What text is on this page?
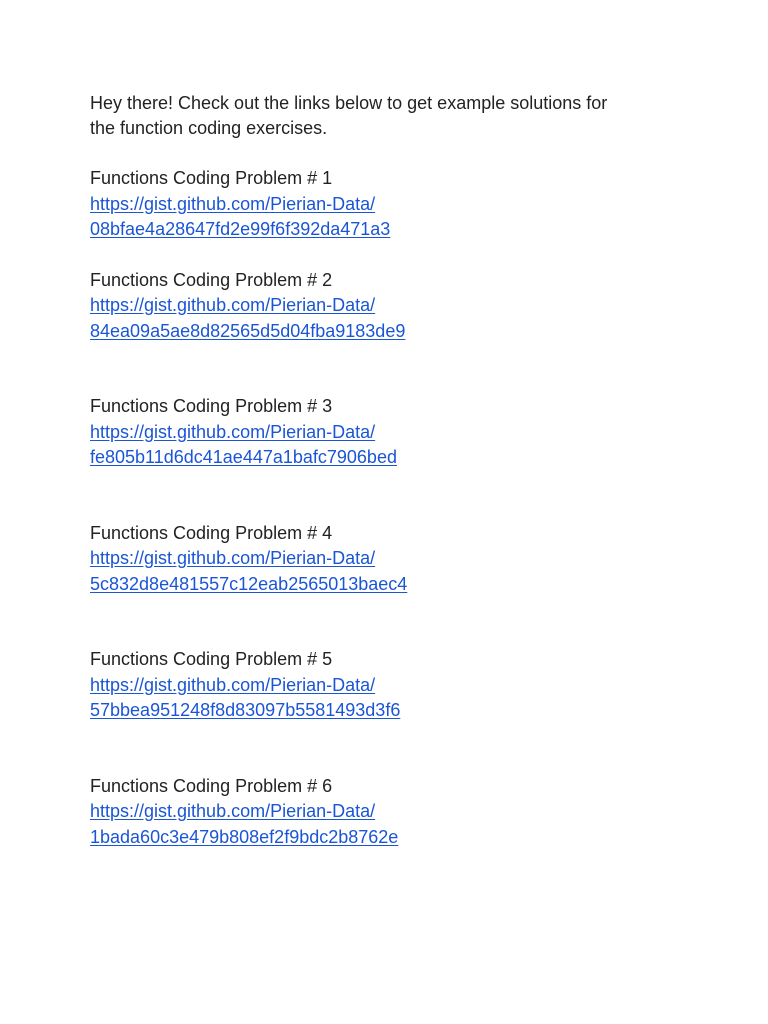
Hey there! Check out the links below to get example solutions for
the function coding exercises.

Functions Coding Problem # 1
https://gist.github.com/Pierian-Data/
08bfae4a28647fd2e99f6f392da471a3
Functions Coding Problem # 2
https://gist.github.com/Pierian-Data/
84ea09a5ae8d82565d5d04fba9183de9
Functions Coding Problem # 3
https://gist.github.com/Pierian-Data/
fe805b11d6dc41ae447a1bafc7906bed
Functions Coding Problem # 4
https://gist.github.com/Pierian-Data/
5c832d8e481557c12eab2565013baec4
Functions Coding Problem # 5
https://gist.github.com/Pierian-Data/
57bbea951248f8d83097b5581493d3f6
Functions Coding Problem # 6
https://gist.github.com/Pierian-Data/
1bada60c3e479b808ef2f9bdc2b8762e
